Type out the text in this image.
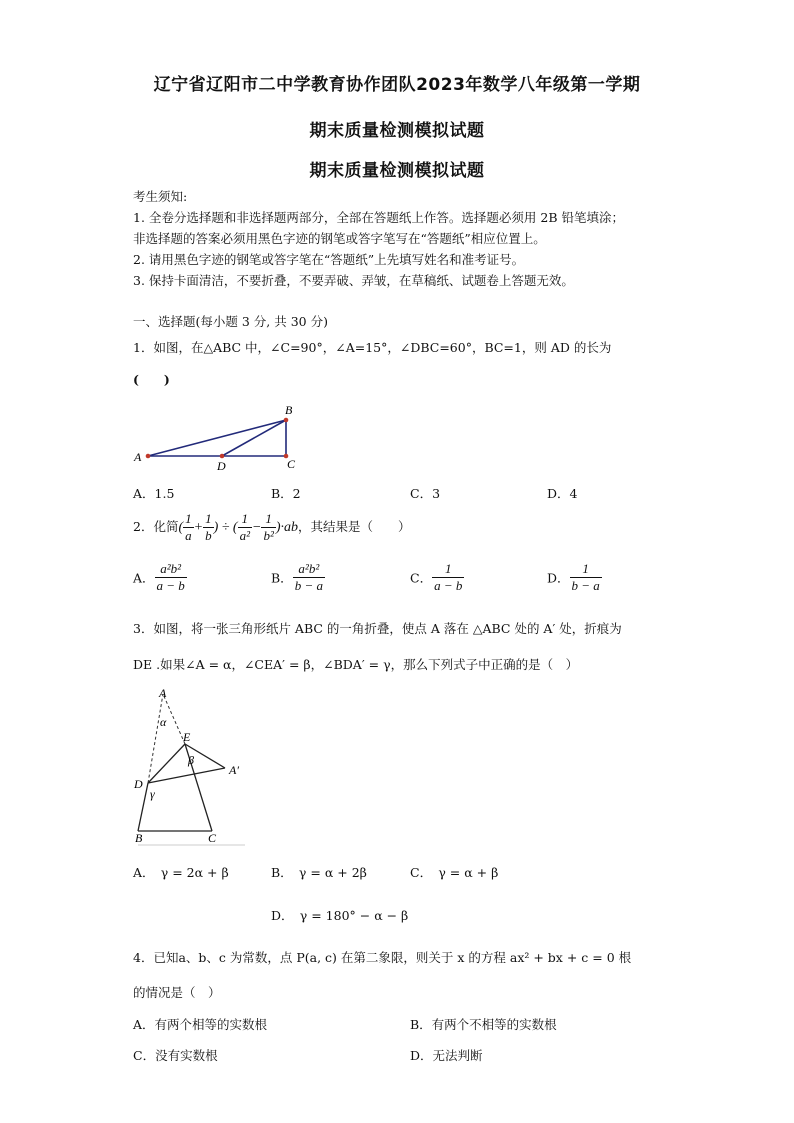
辽宁省辽阳市二中学教育协作团队2023年数学八年级第一学期
期末质量检测模拟试题
期末质量检测模拟试题
考生须知:
1. 全卷分选择题和非选择题两部分，全部在答题纸上作答。选择题必须用 2B 铅笔填涂；
非选择题的答案必须用黑色字迹的钢笔或答字笔写在“答题纸”相应位置上。
2. 请用黑色字迹的钢笔或答字笔在“答题纸”上先填写姓名和准考证号。
3. 保持卡面清洁，不要折叠，不要弄破、弄皱，在草稿纸、试题卷上答题无效。
一、选择题(每小题 3 分, 共 30 分)
1．如图，在△ABC 中，∠C=90°，∠A=15°，∠DBC=60°，BC=1，则 AD 的长为
(　　)
A
D	C
B
A．1.5	B．2	C．3	D．4
2．化简( $\frac{1}{a} + \frac{1}{b}$ ) ÷ ( $\frac{1}{\text{a²}} - \frac{1}{\text{b²}} )\cdot ab$，其结果是（　　）
A． $\frac{\text{a²b²}}{a - b}$	B． $\frac{\text{a²b²}}{b - a}$	C． $\frac{1}{a - b}$	D． $\frac{1}{b - a}$
3．如图，将一张三角形纸片 ABC 的一角折叠，使点 A 落在 △ABC 处的 A′ 处，折痕为
DE .如果∠A = α，∠CEA′ = β，∠BDA′ = γ，那么下列式子中正确的是（　）
A
α
E
β
A′
D
γ
B	C
A．　γ = 2α + β	B．　γ = α + 2β	C．　γ = α + β
D．　γ = 180° − α − β
4．已知a、b、c 为常数，点 P(a, c) 在第二象限，则关于 x 的方程 ax² + bx + c = 0 根
的情况是（　）
A．有两个相等的实数根	B．有两个不相等的实数根
C．没有实数根	D．无法判断
